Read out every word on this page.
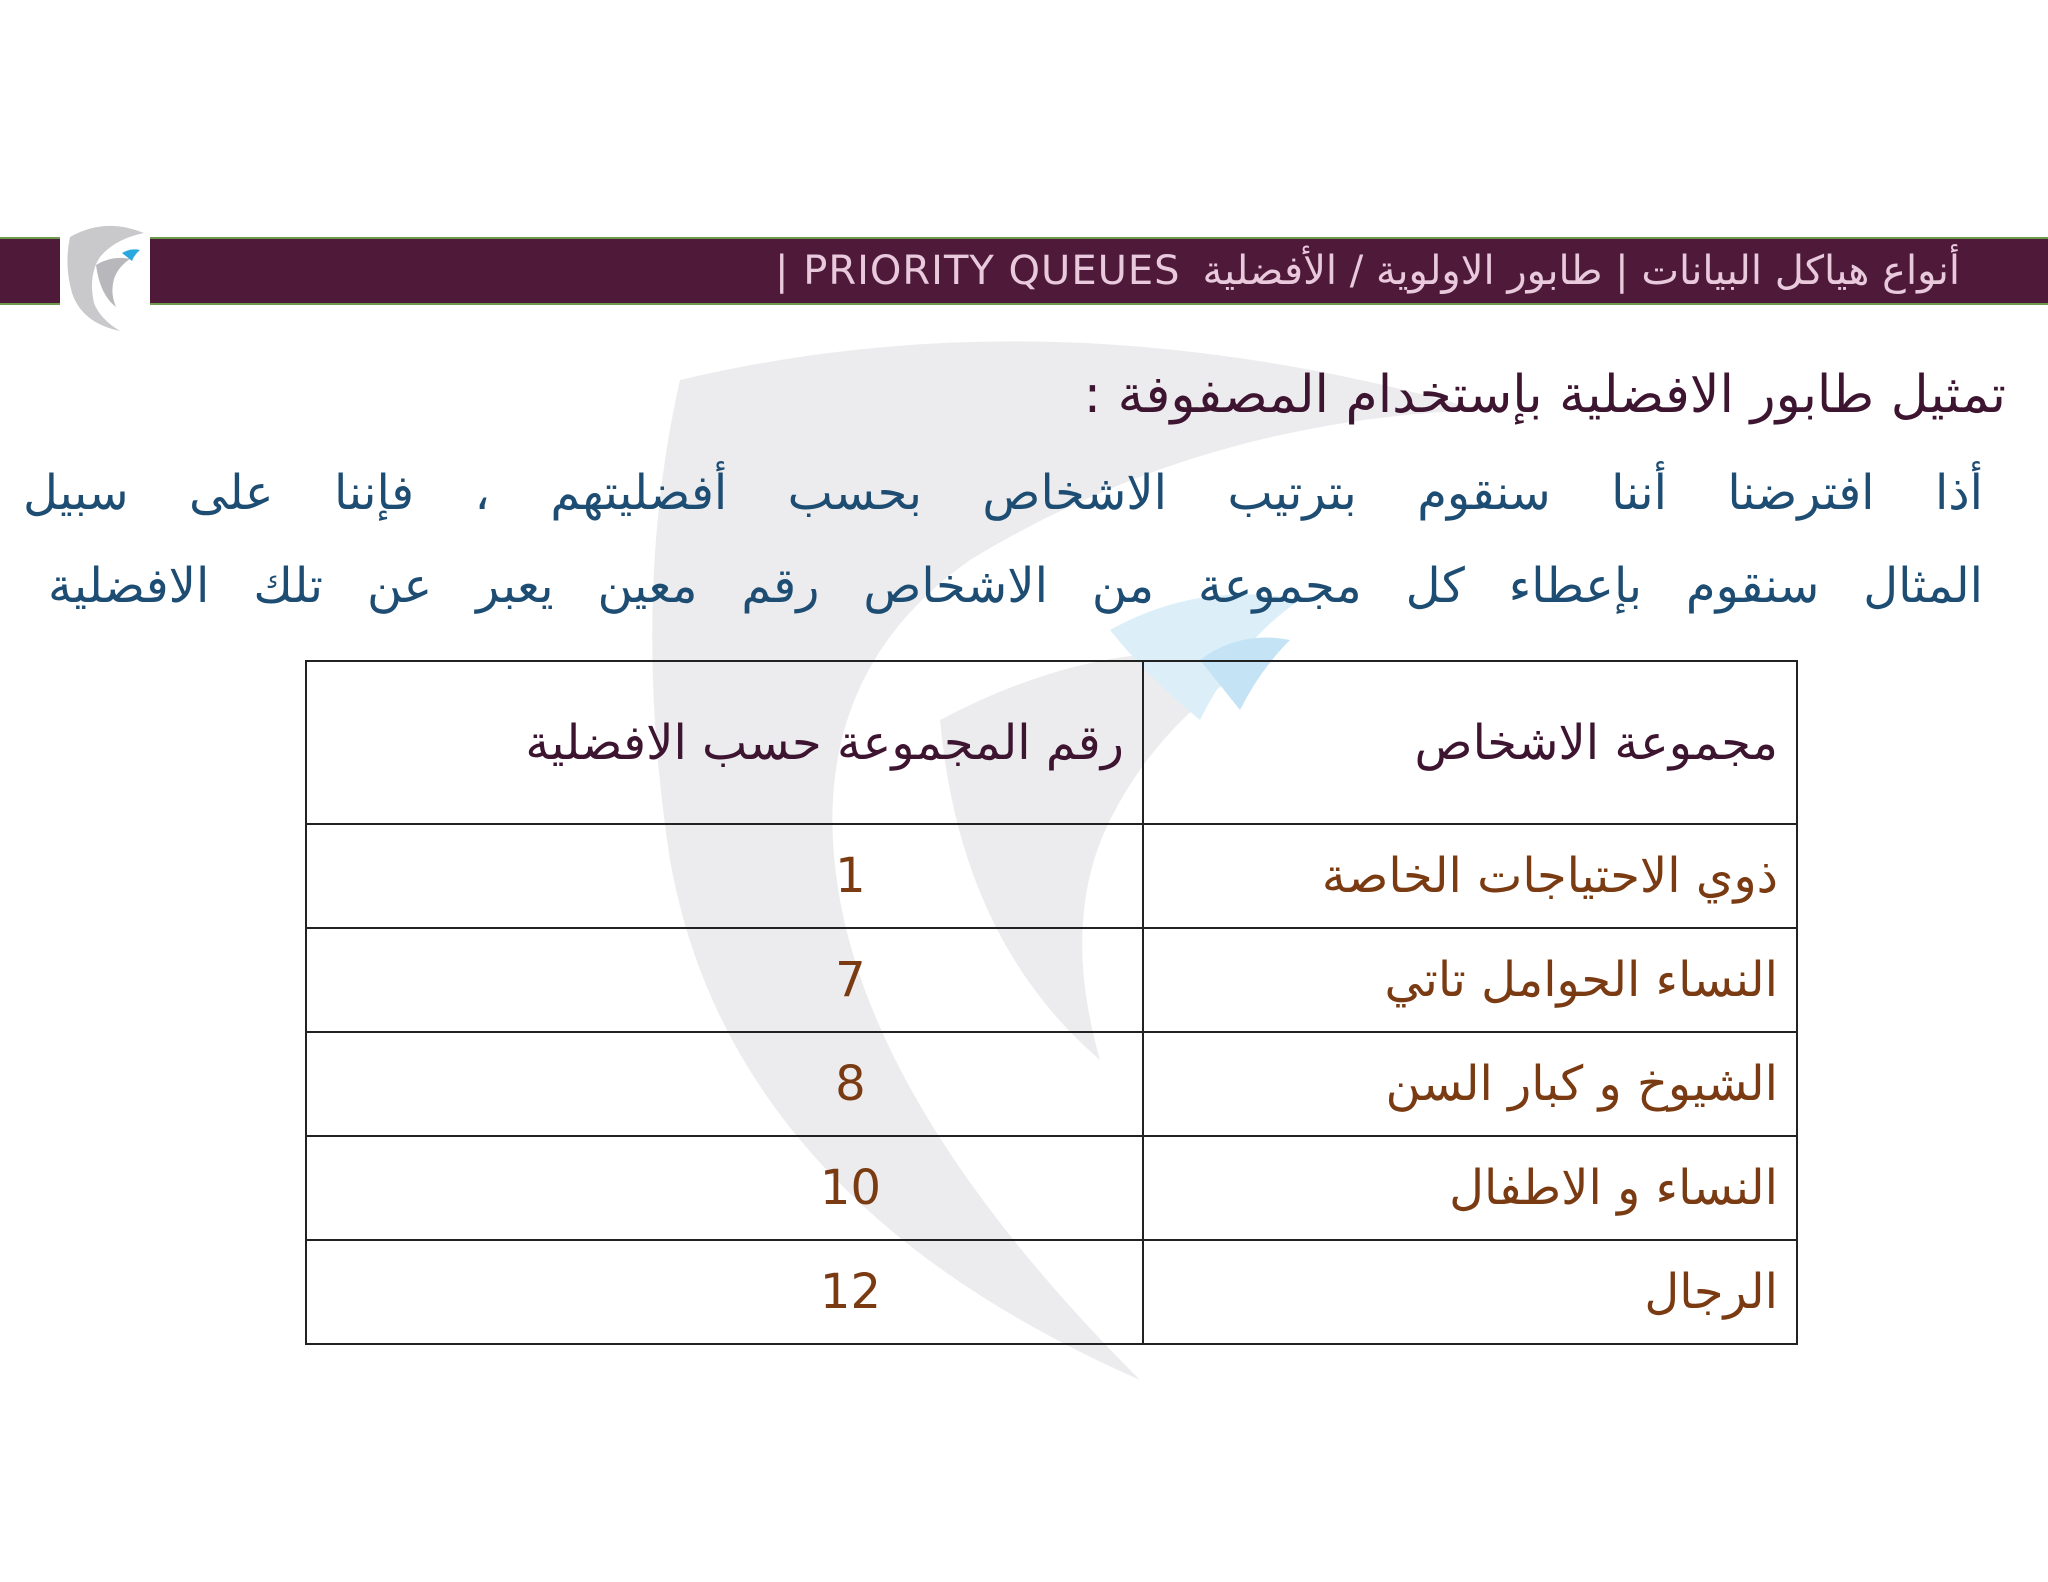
| PRIORITY QUEUES أنواع هياكل البيانات | طابور الاولوية / الأفضلية
تمثيل طابور الافضلية بإستخدام المصفوفة :
أذا افترضنا أننا سنقوم بترتيب الاشخاص بحسب أفضليتهم ، فإننا على سبيل
المثال سنقوم بإعطاء كل مجموعة من الاشخاص رقم معين يعبر عن تلك الافضلية
مجموعة الاشخاص	رقم المجموعة حسب الافضلية
ذوي الاحتياجات الخاصة	1
النساء الحوامل تاتي	7
الشيوخ و كبار السن	8
النساء و الاطفال	10
الرجال	12
